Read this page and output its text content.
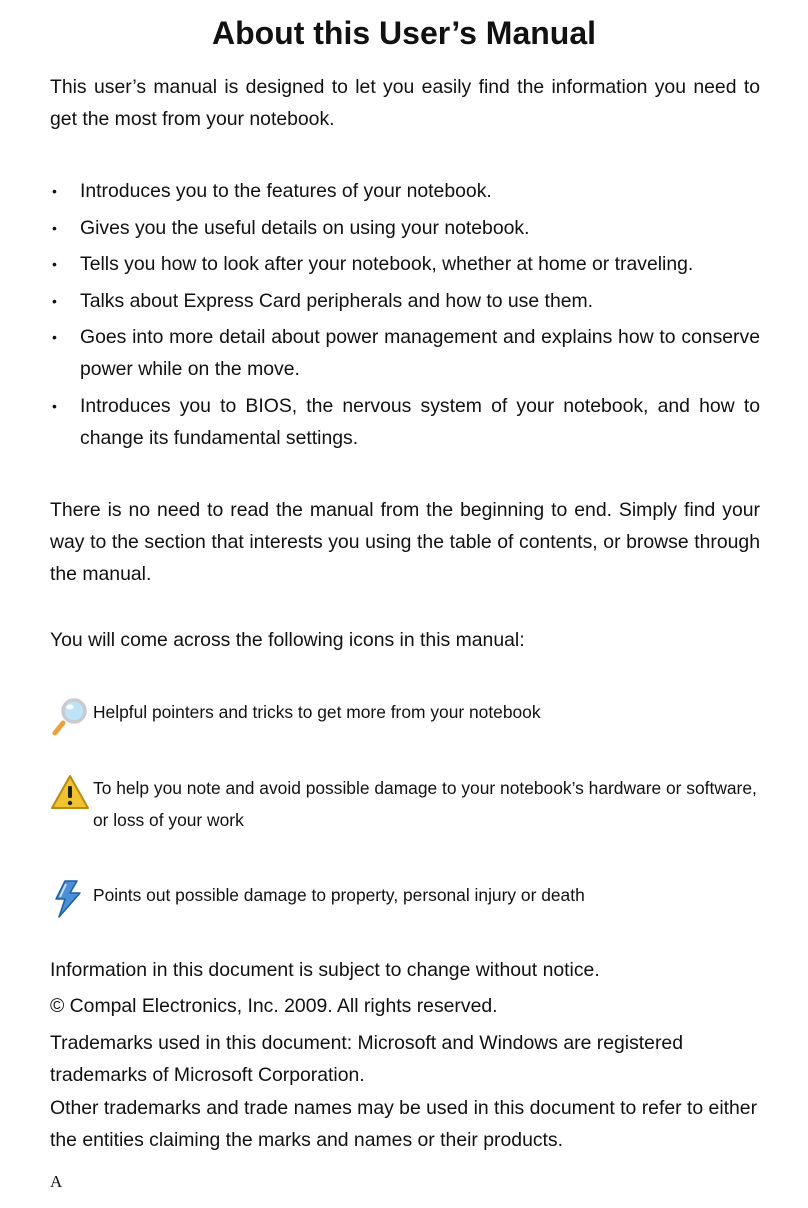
About this User’s Manual

This user’s manual is designed to let you easily find the information you need to get the most from your notebook.

• Introduces you to the features of your notebook.
• Gives you the useful details on using your notebook.
• Tells you how to look after your notebook, whether at home or traveling.
• Talks about Express Card peripherals and how to use them.
• Goes into more detail about power management and explains how to conserve power while on the move.
• Introduces you to BIOS, the nervous system of your notebook, and how to change its fundamental settings.

There is no need to read the manual from the beginning to end. Simply find your way to the section that interests you using the table of contents, or browse through the manual.

You will come across the following icons in this manual:

Helpful pointers and tricks to get more from your notebook
To help you note and avoid possible damage to your notebook’s hardware or software, or loss of your work
Points out possible damage to property, personal injury or death

Information in this document is subject to change without notice.

© Compal Electronics, Inc. 2009. All rights reserved.

Trademarks used in this document: Microsoft and Windows are registered trademarks of Microsoft Corporation.

Other trademarks and trade names may be used in this document to refer to either the entities claiming the marks and names or their products.

A
